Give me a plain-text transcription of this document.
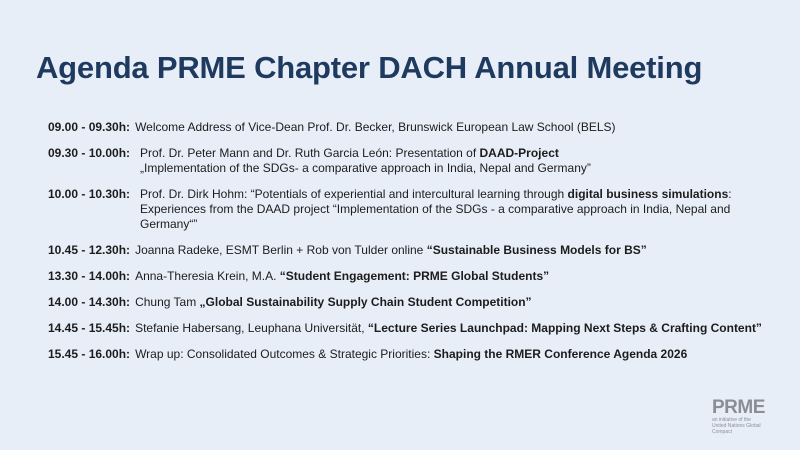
Agenda PRME Chapter DACH Annual Meeting
09.00 - 09.30h: Welcome Address of Vice-Dean Prof. Dr. Becker, Brunswick European Law School (BELS)
09.30 - 10.00h: Prof. Dr. Peter Mann and Dr. Ruth Garcia León: Presentation of DAAD-Project
„Implementation of the SDGs- a comparative approach in India, Nepal and Germany”
10.00 - 10.30h: Prof. Dr. Dirk Hohm: “Potentials of experiential and intercultural learning through digital business simulations:
Experiences from the DAAD project “Implementation of the SDGs - a comparative approach in India, Nepal and Germany“”
10.45 - 12.30h: Joanna Radeke, ESMT Berlin + Rob von Tulder online “Sustainable Business Models for BS”
13.30 - 14.00h: Anna-Theresia Krein, M.A. “Student Engagement: PRME Global Students”
14.00 - 14.30h: Chung Tam „Global Sustainability Supply Chain Student Competition”
14.45 - 15.45h: Stefanie Habersang, Leuphana Universität, “Lecture Series Launchpad: Mapping Next Steps & Crafting Content”
15.45 - 16.00h: Wrap up: Consolidated Outcomes & Strategic Priorities: Shaping the RMER Conference Agenda 2026
PRME
an initiative of the
United Nations Global Compact
